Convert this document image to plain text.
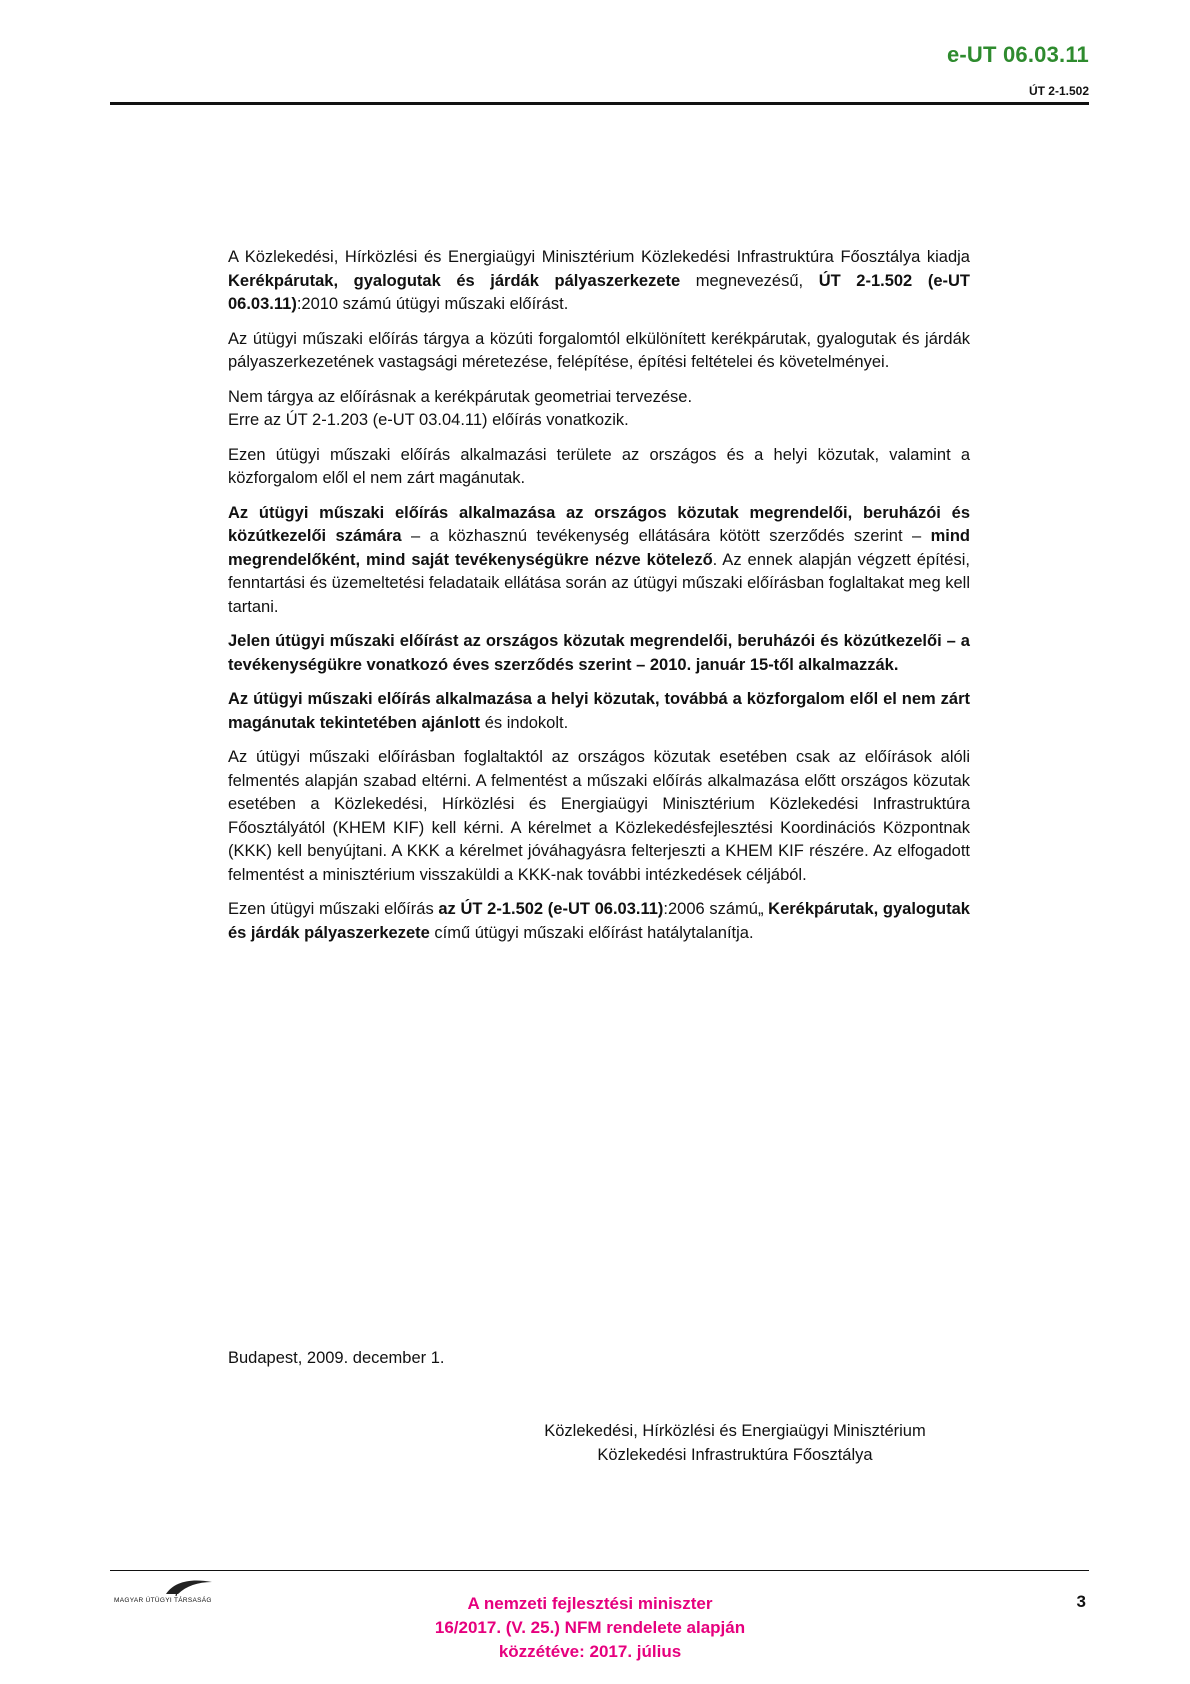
e-UT 06.03.11
ÚT 2-1.502

A Közlekedési, Hírközlési és Energiaügyi Minisztérium Közlekedési Infrastruktúra Főosztálya kiadja Kerékpárutak, gyalogutak és járdák pályaszerkezete megnevezésű, ÚT 2-1.502 (e-UT 06.03.11):2010 számú útügyi műszaki előírást.

Az útügyi műszaki előírás tárgya a közúti forgalomtól elkülönített kerékpárutak, gyalogutak és járdák pályaszerkezetének vastagsági méretezése, felépítése, építési feltételei és követelményei.

Nem tárgya az előírásnak a kerékpárutak geometriai tervezése.
Erre az ÚT 2-1.203 (e-UT 03.04.11) előírás vonatkozik.

Ezen útügyi műszaki előírás alkalmazási területe az országos és a helyi közutak, valamint a közforgalom elől el nem zárt magánutak.

Az útügyi műszaki előírás alkalmazása az országos közutak megrendelői, beruházói és közútkezelői számára – a közhasznú tevékenység ellátására kötött szerződés szerint – mind megrendelőként, mind saját tevékenységükre nézve kötelező. Az ennek alapján végzett építési, fenntartási és üzemeltetési feladataik ellátása során az útügyi műszaki előírásban foglaltakat meg kell tartani.

Jelen útügyi műszaki előírást az országos közutak megrendelői, beruházói és közútkezelői – a tevékenységükre vonatkozó éves szerződés szerint – 2010. január 15-től alkalmazzák.

Az útügyi műszaki előírás alkalmazása a helyi közutak, továbbá a közforgalom elől el nem zárt magánutak tekintetében ajánlott és indokolt.

Az útügyi műszaki előírásban foglaltaktól az országos közutak esetében csak az előírások alóli felmentés alapján szabad eltérni. A felmentést a műszaki előírás alkalmazása előtt országos közutak esetében a Közlekedési, Hírközlési és Energiaügyi Minisztérium Közlekedési Infrastruktúra Főosztályától (KHEM KIF) kell kérni. A kérelmet a Közlekedésfejlesztési Koordinációs Központnak (KKK) kell benyújtani. A KKK a kérelmet jóváhagyásra felterjeszti a KHEM KIF részére. Az elfogadott felmentést a minisztérium visszaküldi a KKK-nak további intézkedések céljából.

Ezen útügyi műszaki előírás az ÚT 2-1.502 (e-UT 06.03.11):2006 számú„ Kerékpárutak, gyalogutak és járdák pályaszerkezete című útügyi műszaki előírást hatálytalanítja.

Budapest, 2009. december 1.
Közlekedési, Hírközlési és Energiaügyi Minisztérium
Közlekedési Infrastruktúra Főosztálya
MAGYAR ÚTÜGYI TÁRSASÁG	A nemzeti fejlesztési miniszter
16/2017. (V. 25.) NFM rendelete alapján
közzétéve: 2017. július
3
